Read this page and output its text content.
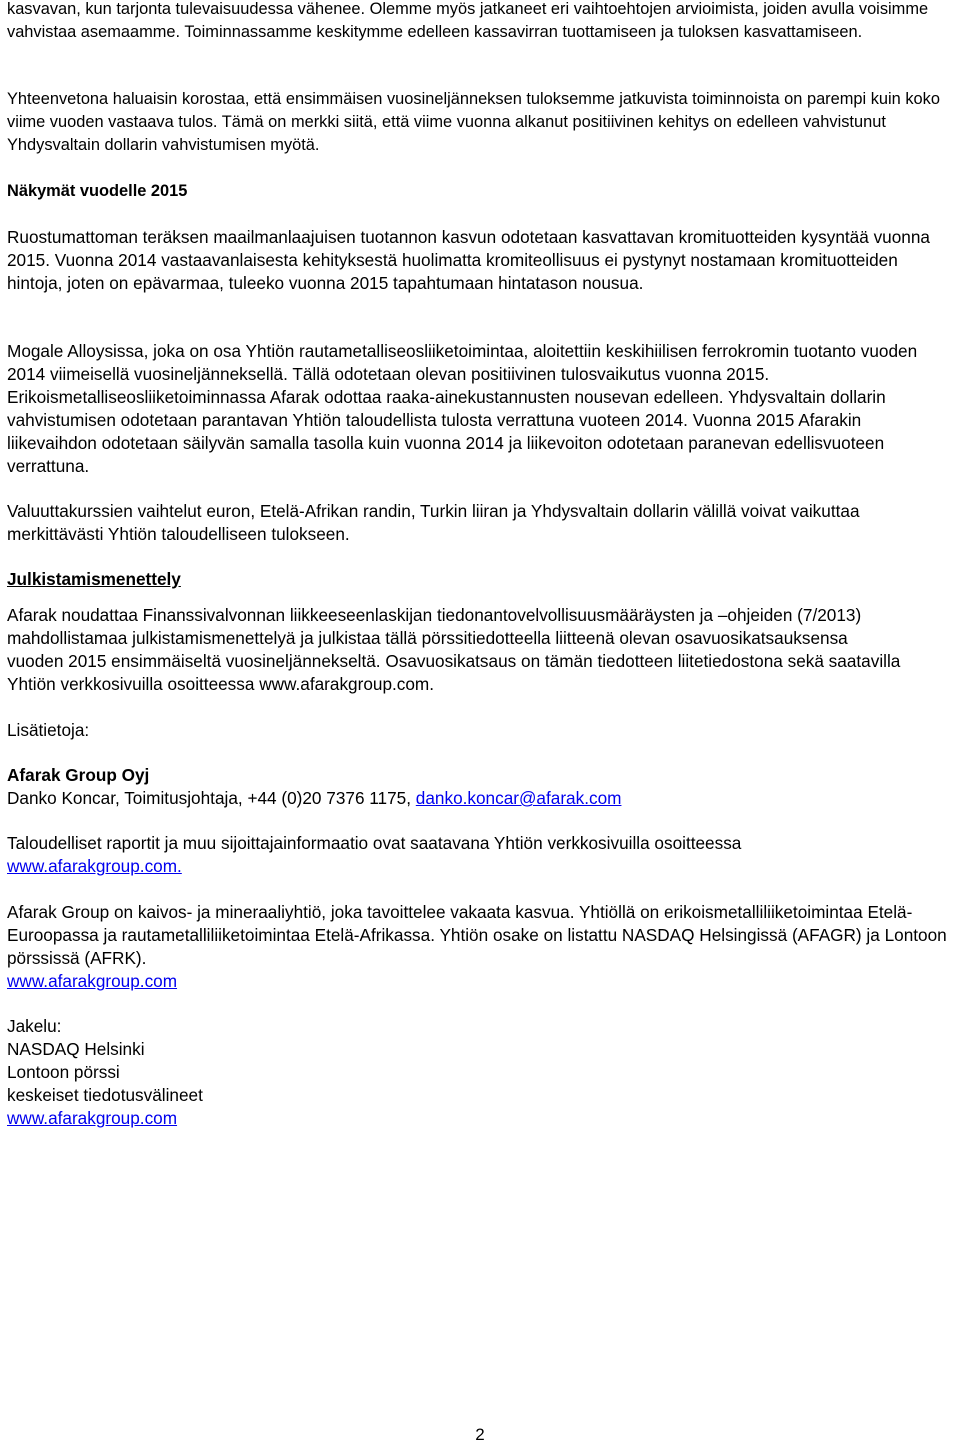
kasvavan, kun tarjonta tulevaisuudessa vähenee. Olemme myös jatkaneet eri vaihtoehtojen arvioimista, joiden avulla voisimme vahvistaa asemaamme. Toiminnassamme keskitymme edelleen kassavirran tuottamiseen ja tuloksen kasvattamiseen.

Yhteenvetona haluaisin korostaa, että ensimmäisen vuosineljänneksen tuloksemme jatkuvista toiminnoista on parempi kuin koko viime vuoden vastaava tulos. Tämä on merkki siitä, että viime vuonna alkanut positiivinen kehitys on edelleen vahvistunut Yhdysvaltain dollarin vahvistumisen myötä.

Näkymät vuodelle 2015

Ruostumattoman teräksen maailmanlaajuisen tuotannon kasvun odotetaan kasvattavan kromituotteiden kysyntää vuonna 2015. Vuonna 2014 vastaavanlaisesta kehityksestä huolimatta kromiteollisuus ei pystynyt nostamaan kromituotteiden hintoja, joten on epävarmaa, tuleeko vuonna 2015 tapahtumaan hintatason nousua.

Mogale Alloysissa, joka on osa Yhtiön rautametalliseosliiketoimintaa, aloitettiin keskihiilisen ferrokromin tuotanto vuoden 2014 viimeisellä vuosineljänneksellä. Tällä odotetaan olevan positiivinen tulosvaikutus vuonna 2015. Erikoismetalliseosliiketoiminnassa Afarak odottaa raaka-ainekustannusten nousevan edelleen. Yhdysvaltain dollarin vahvistumisen odotetaan parantavan Yhtiön taloudellista tulosta verrattuna vuoteen 2014. Vuonna 2015 Afarakin liikevaihdon odotetaan säilyvän samalla tasolla kuin vuonna 2014 ja liikevoiton odotetaan paranevan edellisvuoteen verrattuna.

Valuuttakurssien vaihtelut euron, Etelä-Afrikan randin, Turkin liiran ja Yhdysvaltain dollarin välillä voivat vaikuttaa merkittävästi Yhtiön taloudelliseen tulokseen.

Julkistamismenettely

Afarak noudattaa Finanssivalvonnan liikkeeseenlaskijan tiedonantovelvollisuusmääräysten ja –ohjeiden (7/2013) mahdollistamaa julkistamismenettelyä ja julkistaa tällä pörssitiedotteella liitteenä olevan osavuosikatsauksensa vuoden 2015 ensimmäiseltä vuosineljännekseltä. Osavuosikatsaus on tämän tiedotteen liitetiedostona sekä saatavilla Yhtiön verkkosivuilla osoitteessa www.afarakgroup.com.

Lisätietoja:

Afarak Group Oyj

Danko Koncar, Toimitusjohtaja, +44 (0)20 7376 1175, danko.koncar@afarak.com

Taloudelliset raportit ja muu sijoittajainformaatio ovat saatavana Yhtiön verkkosivuilla osoitteessa
www.afarakgroup.com.

Afarak Group on kaivos- ja mineraaliyhtiö, joka tavoittelee vakaata kasvua. Yhtiöllä on erikoismetalliliiketoimintaa Etelä-Euroopassa ja rautametalliliiketoimintaa Etelä-Afrikassa. Yhtiön osake on listattu NASDAQ Helsingissä (AFAGR) ja Lontoon pörssissä (AFRK).
www.afarakgroup.com

Jakelu:
NASDAQ Helsinki
Lontoon pörssi
keskeiset tiedotusvälineet
www.afarakgroup.com
2
